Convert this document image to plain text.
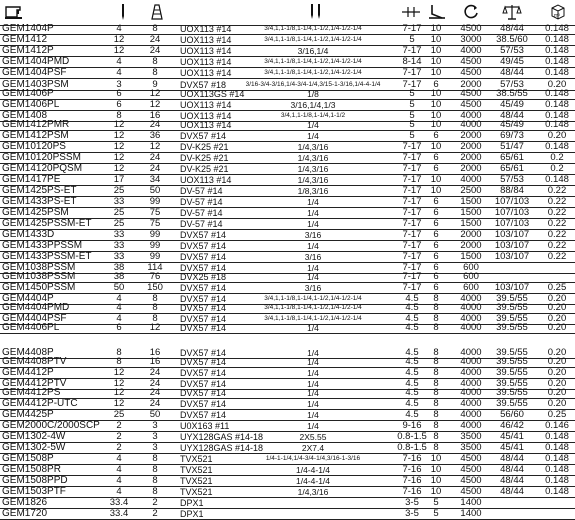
m³
GEM1404P	4	8	UOX113 #14	3/4,1,1-1/8,1-1/4,1-1/2,1/4-1/2-1/4	7-17 10	4500	48/44	0.148
GEM1412	12	24	UOX113 #14	3/4,1,1-1/8,1-1/4,1-1/2,1/4-1/2-1/4	5	10	3000	38.5/60	0.148
GEM1412P	12	24	UOX113 #14	3/16,1/4	7-17 10	4000	57/53	0.148
GEM1404PMD	4	8	UOX113 #14	3/4,1,1-1/8,1-1/4,1-1/2,1/4-1/2-1/4	8-14 10	4500	49/45	0.148
GEM1404PSF	4	8	UOX113 #14	3/4,1,1-1/8,1-1/4,1-1/2,1/4-1/2-1/4	7-17 10	4500	48/44	0.148
GEM1403PSM	3	9	DVX57 #18	3/16-3/4-3/16,1/4-3/4-1/4,3/15-1-3/16,1/4-4-1/4	7-17	6	2000	57/53	0.20
GEM1406P	6	12	UOX113GS #14	1/8	5	10	4500	38.5/55	0.148
GEM1406PL	6	12	UOX113 #14	3/16,1/4,1/3	5	10	4500	45/49	0.148
GEM1408	8	16	UOX113 #14	3/4,1,1-1/8,1-1/4,1-1/2	5	10	4000	48/44	0.148
GEM1412PMR	12	24	UOX113 #14	1/4	5	10	4000	45/49	0.148
GEM1412PSM	12	36	DVX57 #14	1/4	5	6	2000	69/73	0.20
GEM10120PS	12	12	DV-K25 #21	1/4,3/16	7-17 10	2000	51/47	0.148
GEM10120PSSM	12	24	DV-K25 #21	1/4,3/16	7-17	6	2000	65/61	0.2
GEM14120PQSM	12	24	DV-K25 #21	1/4,3/16	7-17	6	2000	65/61	0.2
GEM1417PE	17	34	UOX113 #14	1/4,3/16	7-17 10	4000	57/53	0.148
GEM1425PS-ET	25	50	DV-57 #14	1/8,3/16	7-17 10	2500	88/84	0.22
GEM1433PS-ET	33	99	DV-57 #14	1/4	7-17	6	1500	107/103	0.22
GEM1425PSM	25	75	DV-57 #14	1/4	7-17	6	1500	107/103	0.22
GEM1425PSSM-ET	25	75	DV-57 #14	1/4	7-17	6	1500	107/103	0.22
GEM1433D	33	99	DVX57 #14	3/16	7-17	6	2000	103/107	0.22
GEM1433PPSSM	33	99	DVX57 #14	1/4	7-17	6	2000	103/107	0.22
GEM1433PSSM-ET	33	99	DVX57 #14	3/16	7-17	6	1500	103/107	0.22
GEM1038PSSM	38	114	DVX57 #14	1/4	7-17	6	600
GEM1038PSSM	38	76	DVX25 #18	1/4	7-17	6	600
GEM1450PSSM	50	150	DVX57 #14	3/16	7-17	6	600	103/107	0.25
GEM4404P	4	8	DVX57 #14	3/4,1,1-1/8,1-1/4,1-1/2,1/4-1/2-1/4	4.5	8	4000	39.5/55	0.20
GEM4404PMD	4	8	DVX57 #14	3/4,1,1-1/8,1-1/4,1-1/2,1/4-1/2-1/4	4.5	8	4000	39.5/55	0.20
GEM4404PSF	4	8	DVX57 #14	3/4,1,1-1/8,1-1/4,1-1/2,1/4-1/2-1/4	4.5	8	4000	39.5/55	0.20
GEM4406PL	6	12	DVX57 #14	1/4	4.5	8	4000	39.5/55	0.20
GEM4408P	8	16	DVX57 #14	1/4	4.5	8	4000	39.5/55	0.20
GEM4408PTV	8	16	DVX57 #14	1/4	4.5	8	4000	39.5/55	0.20
GEM4412P	12	24	DVX57 #14	1/4	4.5	8	4000	39.5/55	0.20
GEM4412PTV	12	24	DVX57 #14	1/4	4.5	8	4000	39.5/55	0.20
GEM4412PS	12	24	DVX57 #14	1/4	4.5	8	4000	39.5/55	0.20
GEM4412P-UTC	12	24	DVX57 #14	1/4	4.5	8	4000	39.5/55	0.20
GEM4425P	25	50	DVX57 #14	1/4	4.5	8	4000	56/60	0.25
GEM2000C/2000SCP	2	3	U0X163 #11	1/4	9-16	8	4000	46/42	0.146
GEM1302-4W	2	3	UYX128GAS #14-18	2X5.55	0.8-1.5 8	3500	45/41	0.148
GEM1302-5W	2	3	UYX128GAS #14-18	2X7.4	0.8-1.5 8	3500	45/41	0.148
GEM1508P	4	8	TVX521	1/4-1-1/4,1/4-3/4-1/4,3/16-1-3/16	7-16 10	4500	48/44	0.148
GEM1508PR	4	8	TVX521	1/4-4-1/4	7-16 10	4500	48/44	0.148
GEM1508PPD	4	8	TVX521	1/4-4-1/4	7-16 10	4500	48/44	0.148
GEM1503PTF	4	8	TVX521	1/4,3/16	7-16 10	4500	48/44	0.148
GEM1826	33.4	2	DPX1	3-5	5	1400
GEM1720	33.4	2	DPX1	3-5	5	1400
